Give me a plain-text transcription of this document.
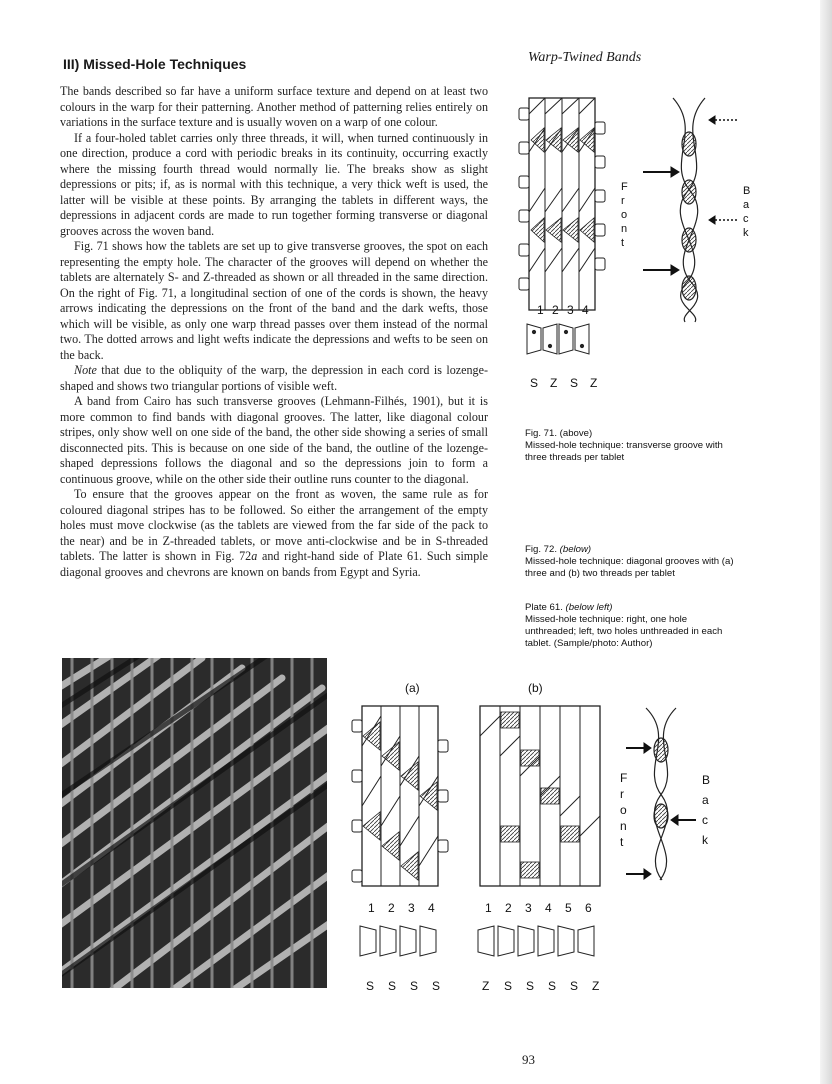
III) Missed-Hole Techniques	Warp-Twined Bands

The bands described so far have a uniform surface texture and depend on at least two colours in the warp for their patterning. Another method of patterning relies entirely on variations in the surface texture and is usually woven on a warp of one colour.

If a four-holed tablet carries only three threads, it will, when turned continuously in one direction, produce a cord with periodic breaks in its continuity, occurring exactly where the missing fourth thread would normally lie. The breaks show as slight depressions or pits; if, as is normal with this technique, a very thick weft is used, the latter will be visible at these points. By arranging the tablets in different ways, the depressions in adjacent cords are made to run together forming transverse or diagonal grooves across the woven band.

Fig. 71 shows how the tablets are set up to give transverse grooves, the spot on each representing the empty hole. The character of the grooves will depend on whether the tablets are alternately S- and Z-threaded as shown or all threaded in the same direction. On the right of Fig. 71, a longitudinal section of one of the cords is shown, the heavy arrows indicating the depressions on the front of the band and the dark wefts, those which will be visible, as only one warp thread passes over them instead of the normal two. The dotted arrows and light wefts indicate the depressions and wefts to be seen on the back.

Note that due to the obliquity of the warp, the depression in each cord is lozenge-shaped and shows two triangular portions of visible weft.

A band from Cairo has such transverse grooves (Lehmann-Filhés, 1901), but it is more common to find bands with diagonal grooves. The latter, like diagonal colour stripes, only show well on one side of the band, the other side showing a series of small disconnected pits. This is because on one side of the band, the outline of the lozenge-shaped depressions follows the diagonal and so the depressions join to form a continuous groove, while on the other side their outline runs counter to the diagonal.

To ensure that the grooves appear on the front as woven, the same rule as for coloured diagonal stripes has to be followed. So either the arrangement of the empty holes must move clockwise (as the tablets are viewed from the far side of the pack to the near) and be in Z-threaded tablets, or move anti-clockwise and be in S-threaded tablets. The latter is shown in Fig. 72a and right-hand side of Plate 61. Such simple diagonal grooves and chevrons are known on bands from Egypt and Syria.

1 2 3 4
S Z S Z
F
r
o
n
t
B
a
c
k
Fig. 71. (above)
Missed-hole technique: transverse groove with three threads per tablet
Fig. 72. (below)
Missed-hole technique: diagonal grooves with (a) three and (b) two threads per tablet
Plate 61. (below left)
Missed-hole technique: right, one hole unthreaded; left, two holes unthreaded in each tablet. (Sample/photo: Author)
(a)	(b)
1 2 3 4	1 2 3 4 5 6
S S S S	Z S S S S Z
F
r
o
n
t
B
a
c
k
93
